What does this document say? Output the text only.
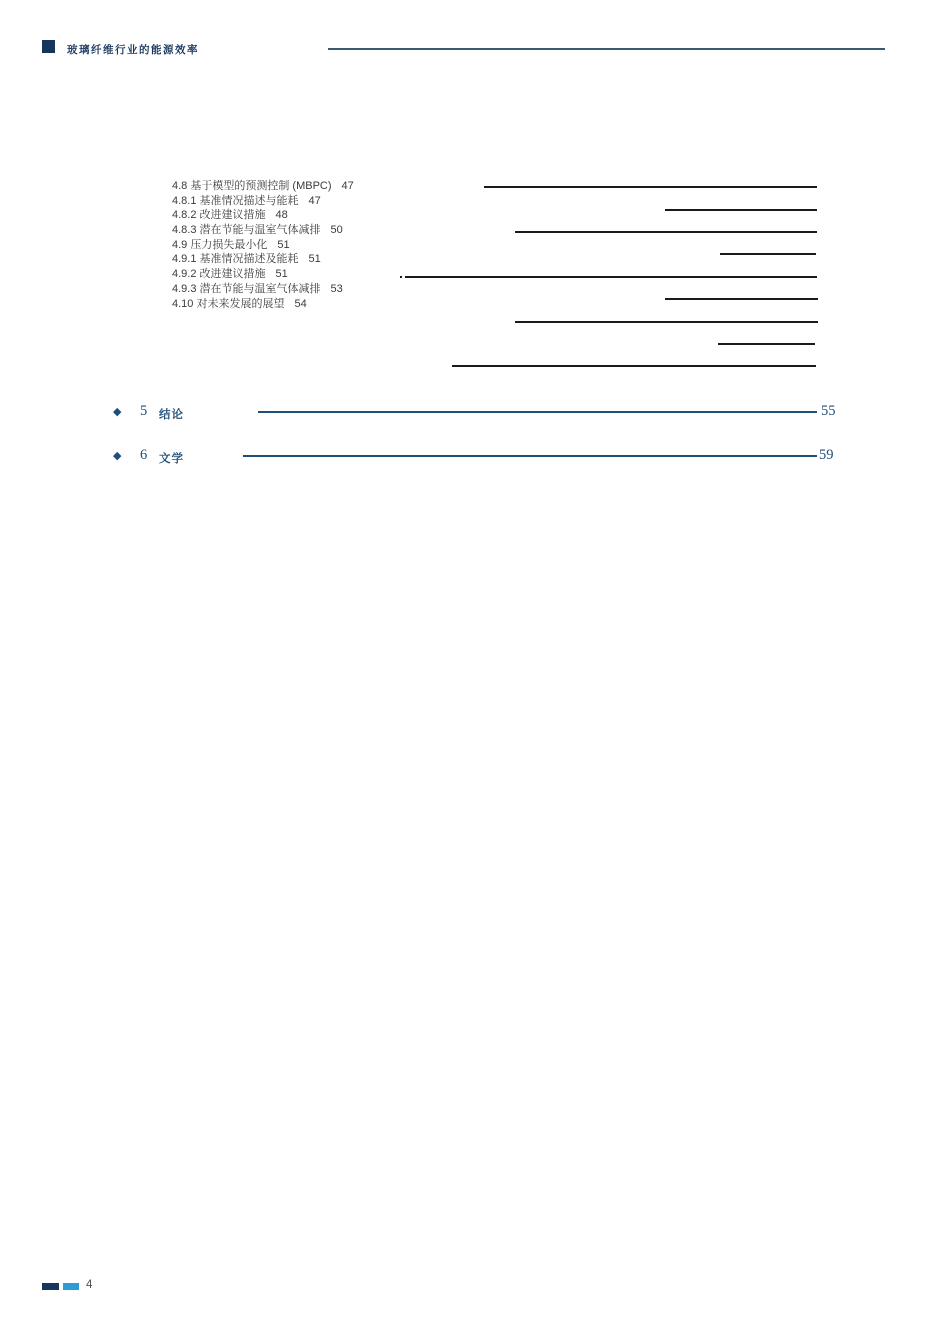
玻璃纤维行业的能源效率
4.8 基于模型的预测控制 (MBPC) 47
4.8.1 基准情况描述与能耗 47
4.8.2 改进建议措施 48
4.8.3 潜在节能与温室气体减排 50
4.9 压力损失最小化 51
4.9.1 基准情况描述及能耗 51
4.9.2 改进建议措施 51
4.9.3 潜在节能与温室气体减排 53
4.10 对未来发展的展望 54
◆ 5 结论	55
◆ 6 文学	59
4
